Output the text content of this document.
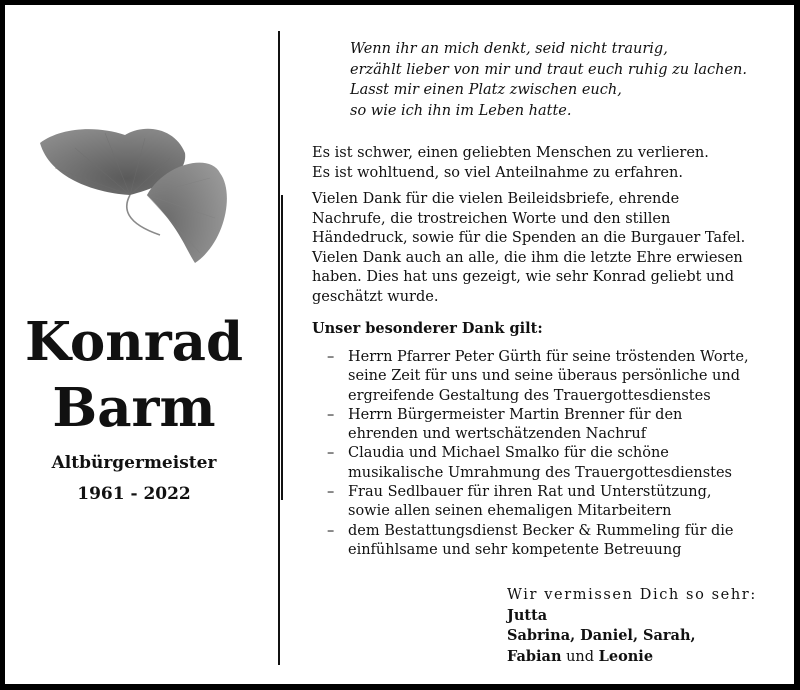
Konrad
Barm
Altbürgermeister
1961 - 2022
Wenn ihr an mich denkt, seid nicht traurig,
erzählt lieber von mir und traut euch ruhig zu lachen.
Lasst mir einen Platz zwischen euch,
so wie ich ihn im Leben hatte.
Es ist schwer, einen geliebten Menschen zu verlieren.
Es ist wohltuend, so viel Anteilnahme zu erfahren.
Vielen Dank für die vielen Beileidsbriefe, ehrende
Nachrufe, die trostreichen Worte und den stillen
Händedruck, sowie für die Spenden an die Burgauer Tafel.
Vielen Dank auch an alle, die ihm die letzte Ehre erwiesen
haben. Dies hat uns gezeigt, wie sehr Konrad geliebt und
geschätzt wurde.
Unser besonderer Dank gilt:
– Herrn Pfarrer Peter Gürth für seine tröstenden Worte,
seine Zeit für uns und seine überaus persönliche und
ergreifende Gestaltung des Trauergottesdienstes
– Herrn Bürgermeister Martin Brenner für den
ehrenden und wertschätzenden Nachruf
– Claudia und Michael Smalko für die schöne
musikalische Umrahmung des Trauergottesdienstes
– Frau Sedlbauer für ihren Rat und Unterstützung,
sowie allen seinen ehemaligen Mitarbeitern
– dem Bestattungsdienst Becker & Rummeling für die
einfühlsame und sehr kompetente Betreuung
Wir vermissen Dich so sehr:
Jutta
Sabrina, Daniel, Sarah,
Fabian und Leonie
